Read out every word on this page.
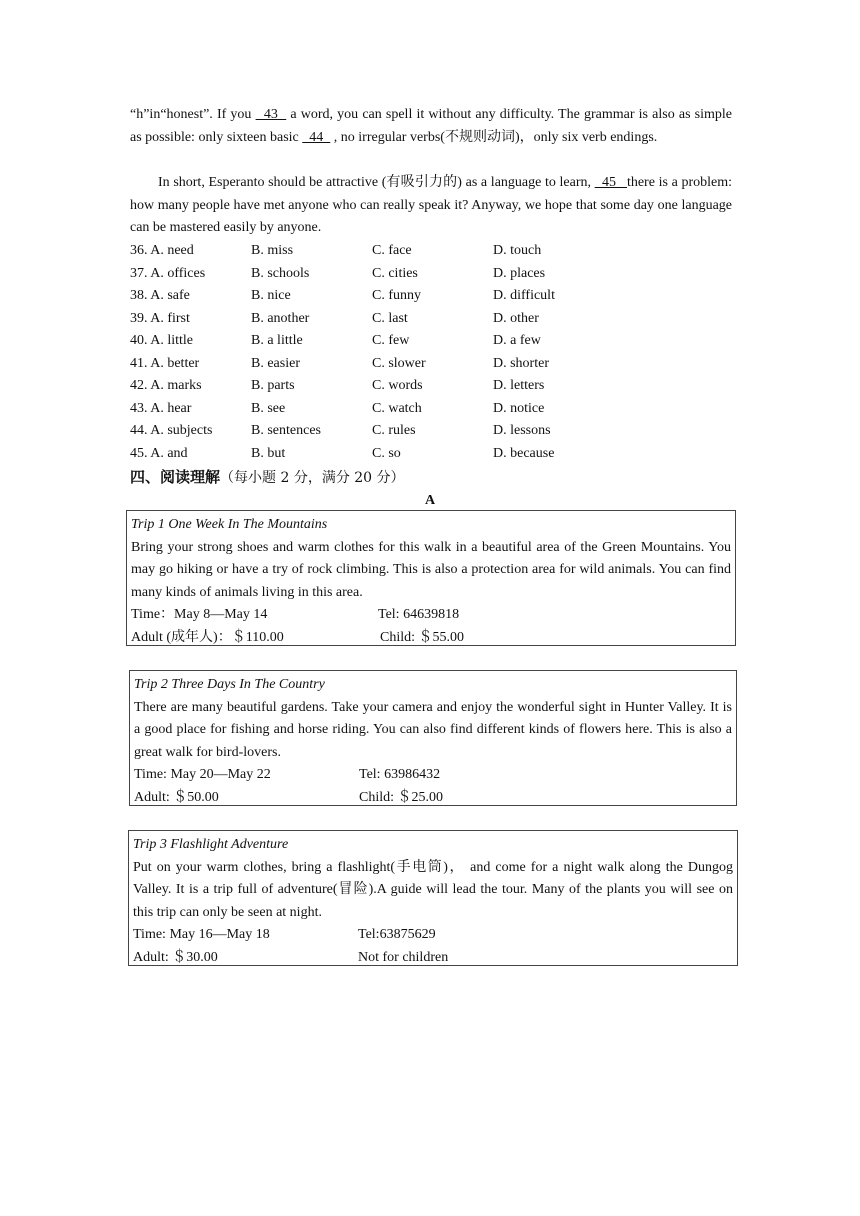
“h”in“honest”. If you   43   a word, you can spell it without any difficulty. The grammar is also as simple as possible: only sixteen basic   44   , no irregular verbs(不规则动词)，only six verb endings.

In short, Esperanto should be attractive (有吸引力的) as a language to learn,   45   there is a problem: how many people have met anyone who can really speak it? Anyway, we hope that some day one language can be mastered easily by anyone.

36. A. need	B. miss	C. face	D. touch
37. A. offices	B. schools	C. cities	D. places
38. A. safe	B. nice	C. funny	D. difficult
39. A. first	B. another	C. last	D. other
40. A. little	B. a little	C. few	D. a few
41. A. better	B. easier	C. slower	D. shorter
42. A. marks	B. parts	C. words	D. letters
43. A. hear	B. see	C. watch	D. notice
44. A. subjects	B. sentences	C. rules	D. lessons
45. A. and	B. but	C. so	D. because
四、阅读理解（每小题 2 分，满分 20 分）
A
Trip 1 One Week In The Mountains

Bring your strong shoes and warm clothes for this walk in a beautiful area of the Green Mountains. You may go hiking or have a try of rock climbing. This is also a protection area for wild animals. You can find many kinds of animals living in this area.

Time：May 8—May 14	Tel: 64639818
Adult (成年人)：＄110.00	Child: ＄55.00
Trip 2 Three Days In The Country

There are many beautiful gardens. Take your camera and enjoy the wonderful sight in Hunter Valley. It is a good place for fishing and horse riding. You can also find different kinds of flowers here. This is also a great walk for bird-lovers.

Time: May 20—May 22	Tel: 63986432
Adult: ＄50.00	Child: ＄25.00
Trip 3 Flashlight Adventure

Put on your warm clothes, bring a flashlight(手电筒)， and come for a night walk along the Dungog Valley. It is a trip full of adventure(冒险).A guide will lead the tour. Many of the plants you will see on this trip can only be seen at night.

Time: May 16—May 18	Tel:63875629
Adult: ＄30.00	Not for children
